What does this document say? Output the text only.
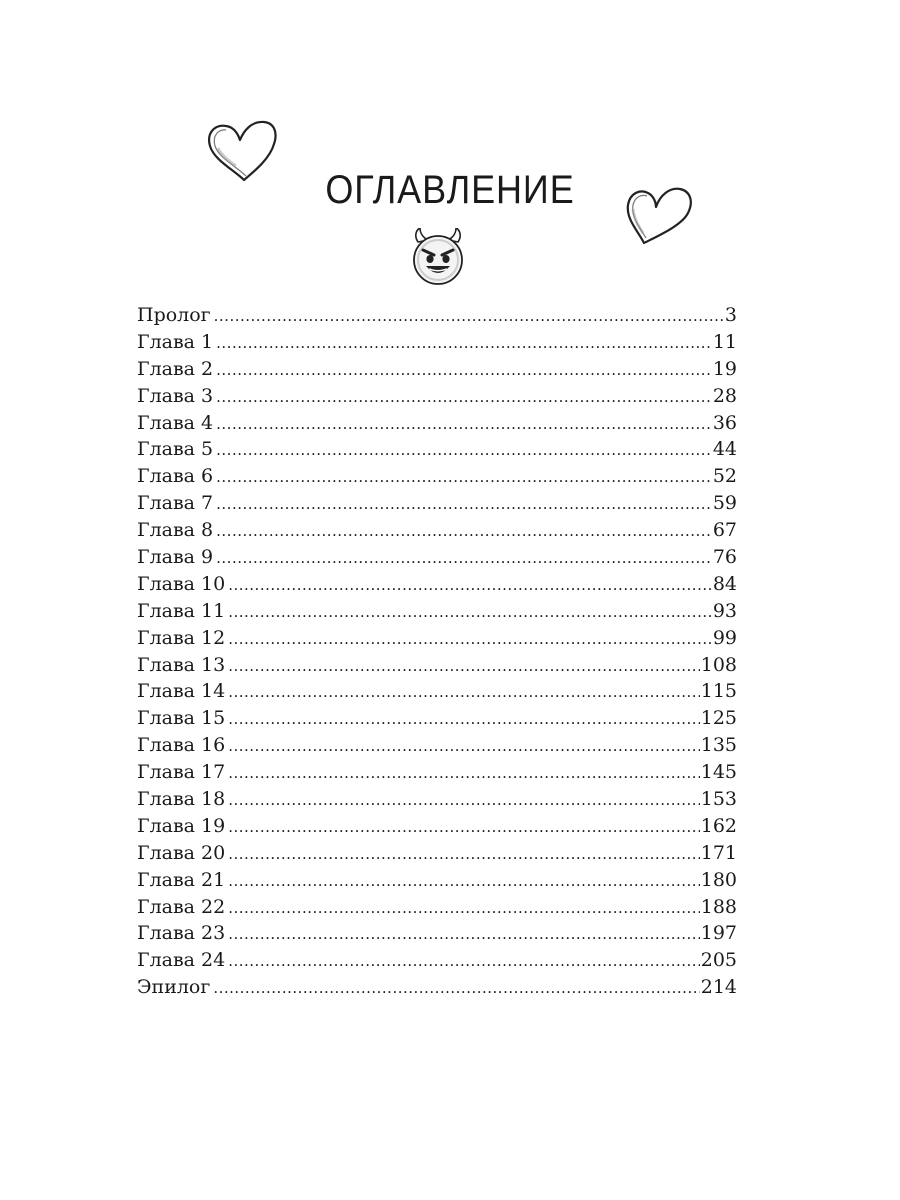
ОГЛАВЛЕНИЕ
Пролог .....	3
Глава 1 .....	11
Глава 2 .....	19
Глава 3 .....	28
Глава 4 .....	36
Глава 5 .....	44
Глава 6 .....	52
Глава 7 .....	59
Глава 8 .....	67
Глава 9 .....	76
Глава 10 .....	84
Глава 11 .....	93
Глава 12 .....	99
Глава 13 .....	108
Глава 14 .....	115
Глава 15 .....	125
Глава 16 .....	135
Глава 17 .....	145
Глава 18 .....	153
Глава 19 .....	162
Глава 20 .....	171
Глава 21 .....	180
Глава 22 .....	188
Глава 23 .....	197
Глава 24 .....	205
Эпилог .....	214
